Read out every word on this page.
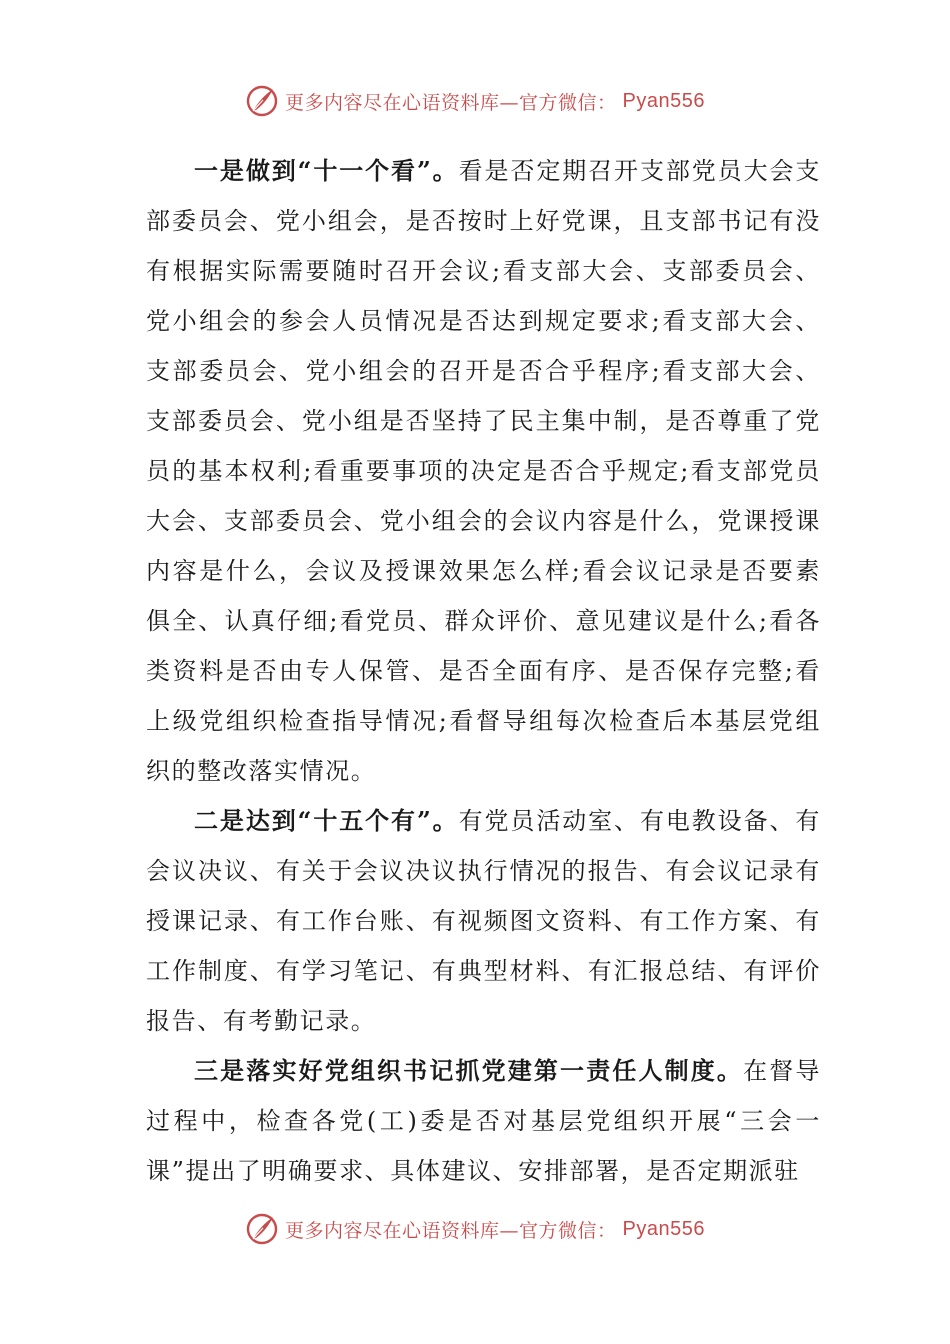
更多内容尽在心语资料库—官方微信： Pyan556

一是做到“十一个看”。看是否定期召开支部党员大会支部委员会、党小组会，是否按时上好党课，且支部书记有没有根据实际需要随时召开会议;看支部大会、支部委员会、党小组会的参会人员情况是否达到规定要求;看支部大会、支部委员会、党小组会的召开是否合乎程序;看支部大会、支部委员会、党小组是否坚持了民主集中制，是否尊重了党员的基本权利;看重要事项的决定是否合乎规定;看支部党员大会、支部委员会、党小组会的会议内容是什么，党课授课内容是什么，会议及授课效果怎么样;看会议记录是否要素俱全、认真仔细;看党员、群众评价、意见建议是什么;看各类资料是否由专人保管、是否全面有序、是否保存完整;看上级党组织检查指导情况;看督导组每次检查后本基层党组织的整改落实情况。

二是达到“十五个有”。有党员活动室、有电教设备、有会议决议、有关于会议决议执行情况的报告、有会议记录有授课记录、有工作台账、有视频图文资料、有工作方案、有工作制度、有学习笔记、有典型材料、有汇报总结、有评价报告、有考勤记录。

三是落实好党组织书记抓党建第一责任人制度。在督导过程中，检查各党(工)委是否对基层党组织开展“三会一课”提出了明确要求、具体建议、安排部署，是否定期派驻

更多内容尽在心语资料库—官方微信： Pyan556
